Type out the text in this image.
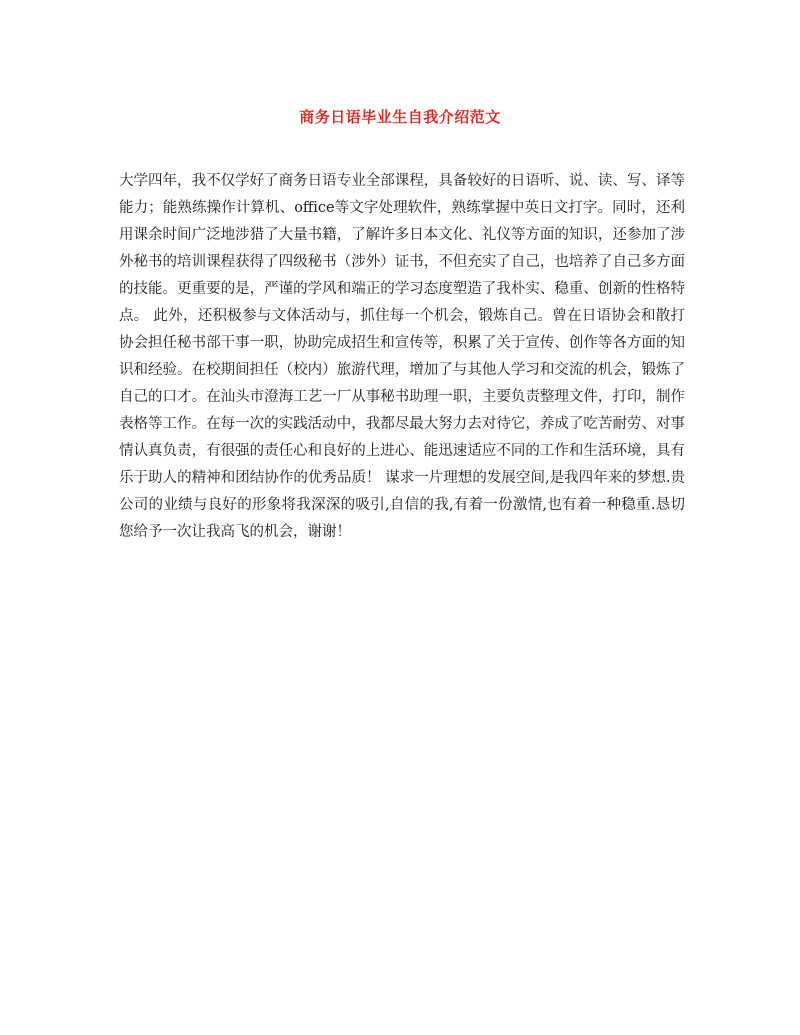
商务日语毕业生自我介绍范文

大学四年，我不仅学好了商务日语专业全部课程，具备较好的日语听、说、读、写、译等能力；能熟练操作计算机、office等文字处理软件，熟练掌握中英日文打字。同时，还利用课余时间广泛地涉猎了大量书籍，了解许多日本文化、礼仪等方面的知识，还参加了涉外秘书的培训课程获得了四级秘书（涉外）证书，不但充实了自己，也培养了自己多方面的技能。更重要的是，严谨的学风和端正的学习态度塑造了我朴实、稳重、创新的性格特点。 此外，还积极参与文体活动与，抓住每一个机会，锻炼自己。曾在日语协会和散打协会担任秘书部干事一职，协助完成招生和宣传等，积累了关于宣传、创作等各方面的知识和经验。在校期间担任（校内）旅游代理，增加了与其他人学习和交流的机会，锻炼了自己的口才。在汕头市澄海工艺一厂从事秘书助理一职，主要负责整理文件，打印，制作表格等工作。在每一次的实践活动中，我都尽最大努力去对待它，养成了吃苦耐劳、对事情认真负责，有很强的责任心和良好的上进心、能迅速适应不同的工作和生活环境，具有乐于助人的精神和团结协作的优秀品质！ 谋求一片理想的发展空间,是我四年来的梦想.贵公司的业绩与良好的形象将我深深的吸引,自信的我,有着一份激情,也有着一种稳重.恳切您给予一次让我高飞的机会，谢谢！
